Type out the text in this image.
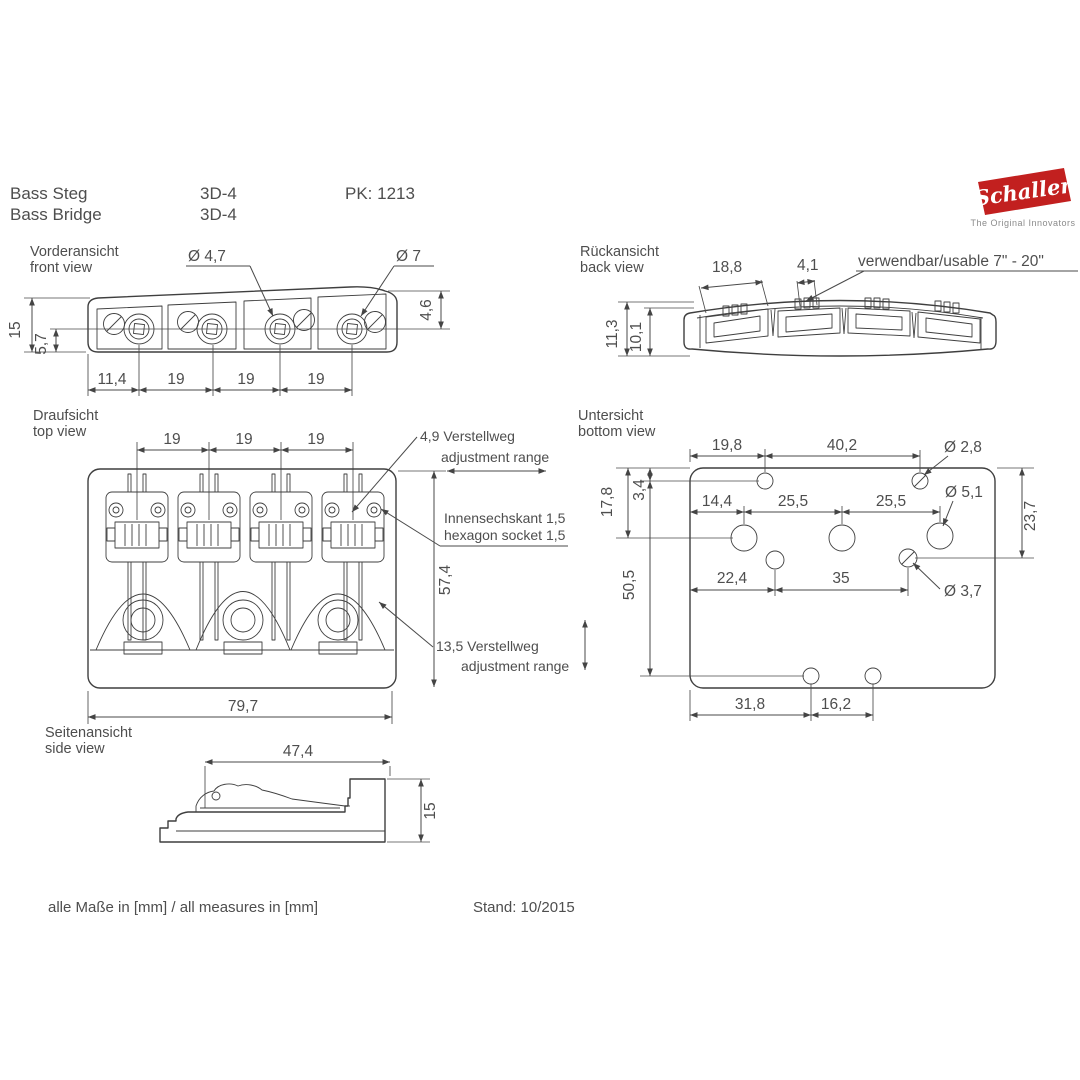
Bass Steg
Bass Bridge
3D-4
3D-4
PK: 1213	Schaller
The Original Innovators
Vorderansicht
front view
Ø 4,7	Ø 7
15
5,7
4,6
11,4	19	19	19
Rückansicht
back view	18,8	4,1	verwendbar/usable 7" - 20"
11,3 10,1
Draufsicht
top view	19	19	19	4,9 Verstellweg
adjustment range
Innensechskant 1,5
hexagon socket 1,5
13,5 Verstellweg
adjustment range
57,4
79,7
Untersicht
bottom view
19,8	40,2	Ø 2,8
3,4
17,8
50,5
14,4	25,5	25,5
Ø 5,1
23,7
22,4	35
Ø 3,7
31,8	16,2
Seitenansicht
side view	47,4
15
alle Maße in [mm] / all measures in [mm]	Stand: 10/2015
